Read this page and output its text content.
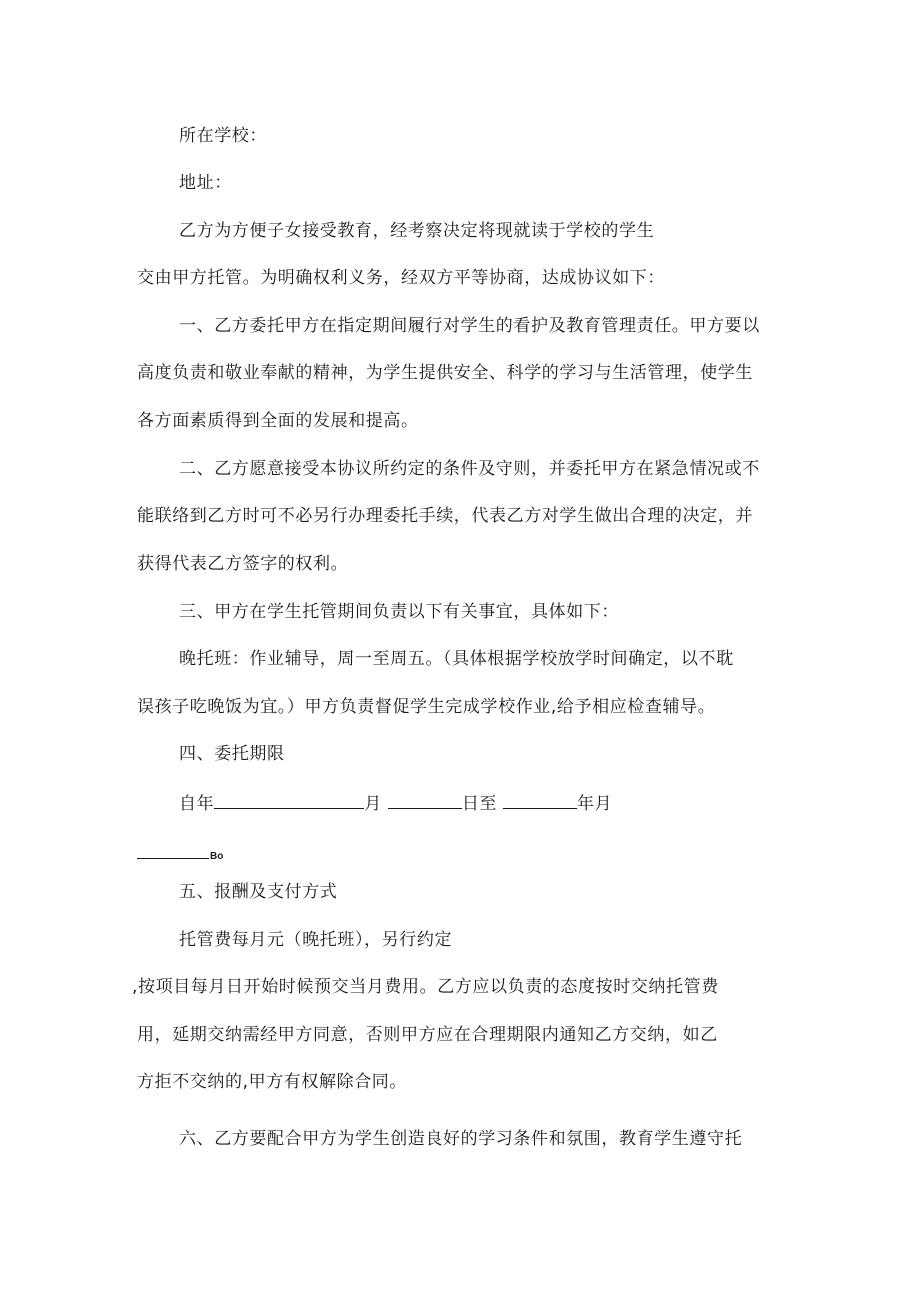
所在学校：
地址：
乙方为方便子女接受教育，经考察决定将现就读于学校的学生
交由甲方托管。为明确权利义务，经双方平等协商，达成协议如下：
一、乙方委托甲方在指定期间履行对学生的看护及教育管理责任。甲方要以
高度负责和敬业奉献的精神，为学生提供安全、科学的学习与生活管理，使学生
各方面素质得到全面的发展和提高。
二、乙方愿意接受本协议所约定的条件及守则，并委托甲方在紧急情况或不
能联络到乙方时可不必另行办理委托手续，代表乙方对学生做出合理的决定，并
获得代表乙方签字的权利。
三、甲方在学生托管期间负责以下有关事宜，具体如下：
晚托班：作业辅导，周一至周五。（具体根据学校放学时间确定，以不耽
误孩子吃晚饭为宜。）甲方负责督促学生完成学校作业,给予相应检查辅导。
四、委托期限
自年	月	日至	年月
Bo
五、报酬及支付方式
托管费每月元（晚托班），另行约定
,按项目每月日开始时候预交当月费用。乙方应以负责的态度按时交纳托管费
用，延期交纳需经甲方同意，否则甲方应在合理期限内通知乙方交纳，如乙
方拒不交纳的,甲方有权解除合同。
六、乙方要配合甲方为学生创造良好的学习条件和氛围，教育学生遵守托
